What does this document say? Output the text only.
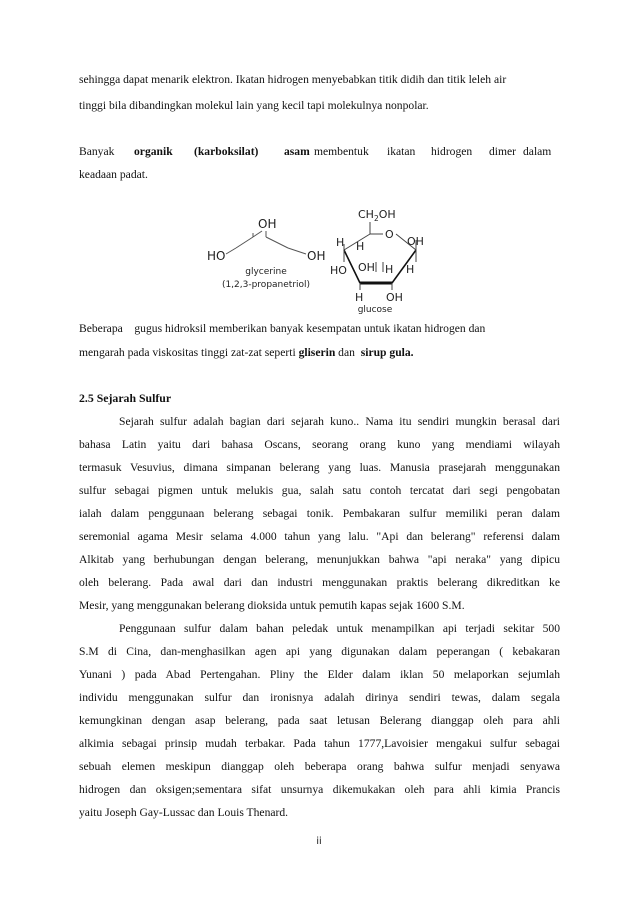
sehingga dapat menarik elektron. Ikatan hidrogen menyebabkan titik didih dan titik leleh air
tinggi bila dibandingkan molekul lain yang kecil tapi molekulnya nonpolar.
Banyak organik (karboksilat) asam membentuk ikatan hidrogen dimer dalam
keadaan padat.
OH
HO	OH
glycerine
(1,2,3-propanetriol)
$CH_2OH$
O
H H	OH
HO OH H H
H OH
glucose
Beberapa gugus hidroksil memberikan banyak kesempatan untuk ikatan hidrogen dan
mengarah pada viskositas tinggi zat-zat seperti gliserin dan  sirup gula.
2.5 Sejarah Sulfur
Sejarah sulfur adalah bagian dari sejarah kuno.. Nama itu sendiri mungkin berasal dari
bahasa Latin yaitu dari bahasa Oscans, seorang orang kuno yang mendiami wilayah
termasuk Vesuvius, dimana simpanan belerang yang luas. Manusia prasejarah menggunakan
sulfur sebagai pigmen untuk melukis gua, salah satu contoh tercatat dari segi pengobatan
ialah dalam penggunaan belerang sebagai tonik. Pembakaran sulfur memiliki peran dalam
seremonial agama Mesir selama 4.000 tahun yang lalu. "Api dan belerang" referensi dalam
Alkitab yang berhubungan dengan belerang, menunjukkan bahwa "api neraka" yang dipicu
oleh belerang. Pada awal dari dan industri menggunakan praktis belerang dikreditkan ke
Mesir, yang menggunakan belerang dioksida untuk pemutih kapas sejak 1600 S.M.
Penggunaan sulfur dalam bahan peledak untuk menampilkan api terjadi sekitar 500
S.M di Cina, dan-menghasilkan agen api yang digunakan dalam peperangan ( kebakaran
Yunani ) pada Abad Pertengahan. Pliny the Elder dalam iklan 50 melaporkan sejumlah
individu menggunakan sulfur dan ironisnya adalah dirinya sendiri tewas, dalam segala
kemungkinan dengan asap belerang, pada saat letusan Belerang dianggap oleh para ahli
alkimia sebagai prinsip mudah terbakar. Pada tahun 1777,Lavoisier mengakui sulfur sebagai
sebuah elemen meskipun dianggap oleh beberapa orang bahwa sulfur menjadi senyawa
hidrogen dan oksigen;sementara sifat unsurnya dikemukakan oleh para ahli kimia Prancis
yaitu Joseph Gay-Lussac dan Louis Thenard.
ii
